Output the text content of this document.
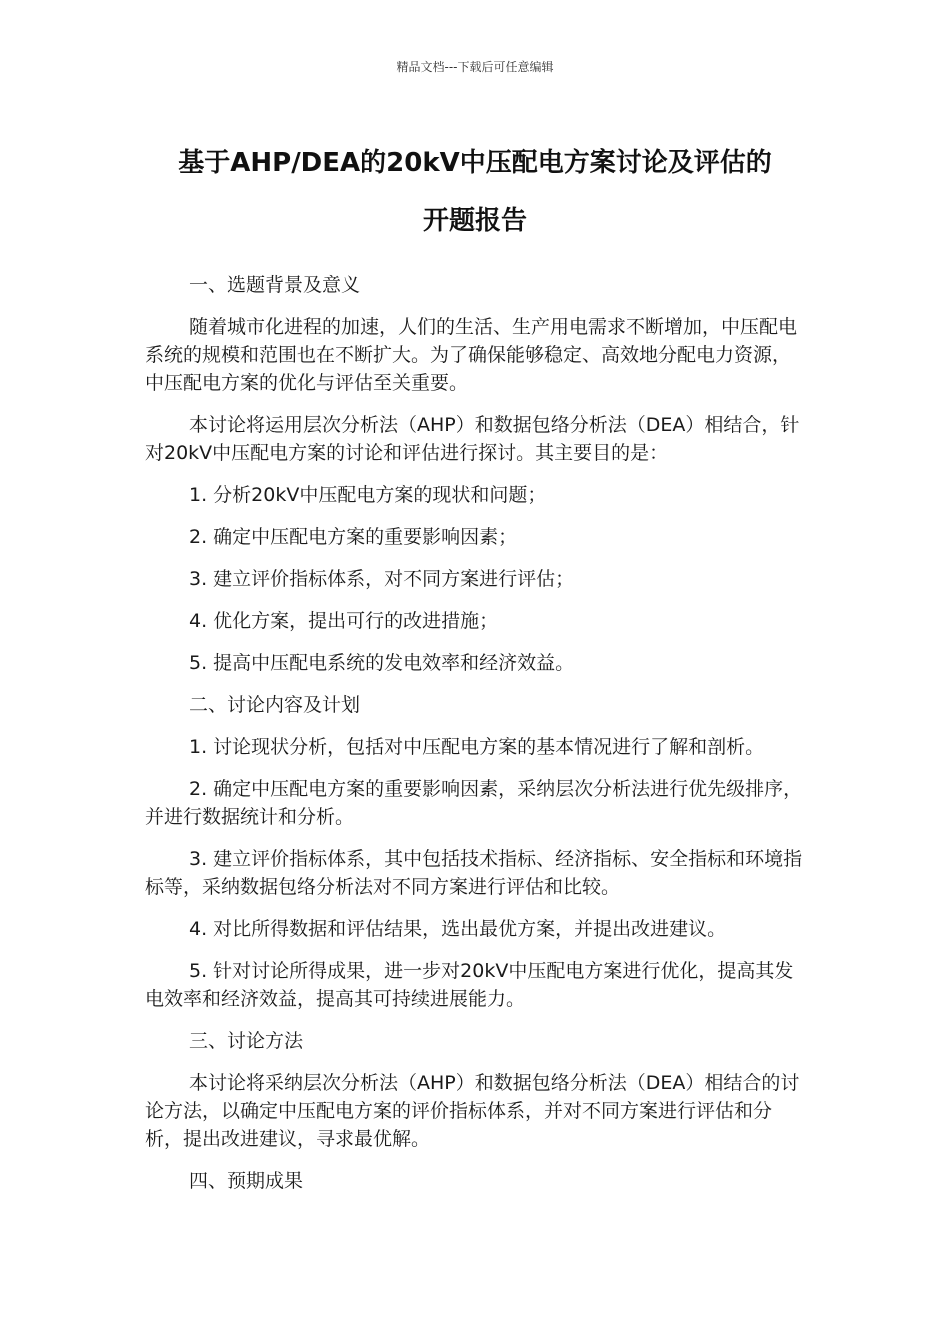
精品文档---下载后可任意编辑
基于AHP/DEA的20kV中压配电方案讨论及评估的
开题报告

一、选题背景及意义

随着城市化进程的加速，人们的生活、生产用电需求不断增加，中压配电系统的规模和范围也在不断扩大。为了确保能够稳定、高效地分配电力资源，中压配电方案的优化与评估至关重要。

本讨论将运用层次分析法（AHP）和数据包络分析法（DEA）相结合，针对20kV中压配电方案的讨论和评估进行探讨。其主要目的是：

1. 分析20kV中压配电方案的现状和问题；

2. 确定中压配电方案的重要影响因素；

3. 建立评价指标体系，对不同方案进行评估；

4. 优化方案，提出可行的改进措施；

5. 提高中压配电系统的发电效率和经济效益。

二、讨论内容及计划

1. 讨论现状分析，包括对中压配电方案的基本情况进行了解和剖析。

2. 确定中压配电方案的重要影响因素，采纳层次分析法进行优先级排序，并进行数据统计和分析。

3. 建立评价指标体系，其中包括技术指标、经济指标、安全指标和环境指标等，采纳数据包络分析法对不同方案进行评估和比较。

4. 对比所得数据和评估结果，选出最优方案，并提出改进建议。

5. 针对讨论所得成果，进一步对20kV中压配电方案进行优化，提高其发电效率和经济效益，提高其可持续进展能力。

三、讨论方法

本讨论将采纳层次分析法（AHP）和数据包络分析法（DEA）相结合的讨论方法，以确定中压配电方案的评价指标体系，并对不同方案进行评估和分析，提出改进建议，寻求最优解。

四、预期成果
